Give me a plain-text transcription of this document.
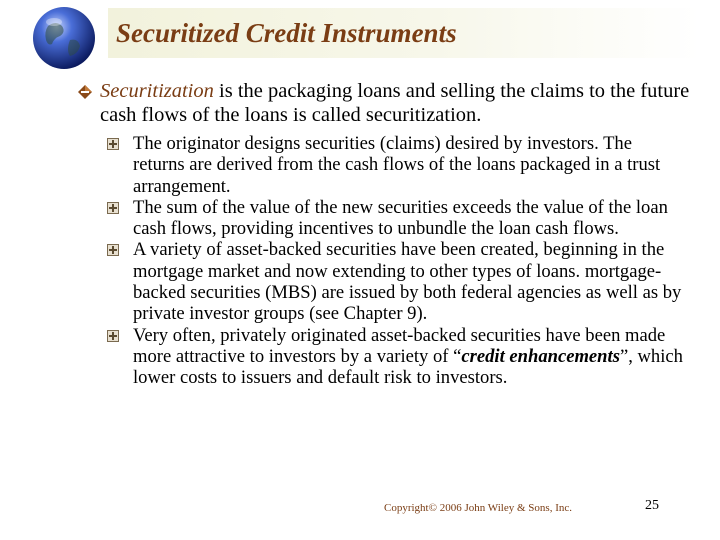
Securitized Credit Instruments
Securitization is the packaging loans and selling the claims to the future cash flows of the loans is called securitization.
The originator designs securities (claims) desired by investors. The returns are derived from the cash flows of the loans packaged in a trust arrangement.
The sum of the value of the new securities exceeds the value of the loan cash flows, providing incentives to unbundle the loan cash flows.
A variety of asset-backed securities have been created, beginning in the mortgage market and now extending to other types of loans. mortgage-backed securities (MBS) are issued by both federal agencies as well as by private investor groups (see Chapter 9).
Very often, privately originated asset-backed securities have been made more attractive to investors by a variety of “credit enhancements”, which lower costs to issuers and default risk to investors.
Copyright© 2006 John Wiley & Sons, Inc.	25
